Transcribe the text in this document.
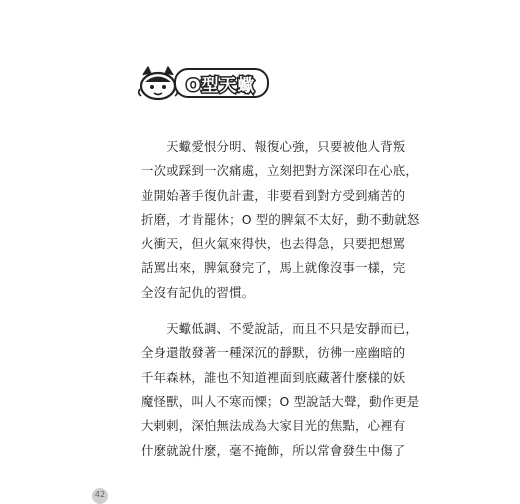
O型天蠍
　　天蠍愛恨分明、報復心強，只要被他人背叛
一次或踩到一次痛處，立刻把對方深深印在心底，
並開始著手復仇計畫，非要看到對方受到痛苦的
折磨，才肯罷休；O 型的脾氣不太好，動不動就怒
火衝天，但火氣來得快，也去得急，只要把想罵
話罵出來，脾氣發完了，馬上就像沒事一樣，完
全沒有記仇的習慣。
　　天蠍低調、不愛說話，而且不只是安靜而已，
全身還散發著一種深沉的靜默，彷彿一座幽暗的
千年森林，誰也不知道裡面到底藏著什麼樣的妖
魔怪獸，叫人不寒而慄；O 型說話大聲，動作更是
大剌剌，深怕無法成為大家目光的焦點，心裡有
什麼就說什麼，毫不掩飾，所以常會發生中傷了
42
